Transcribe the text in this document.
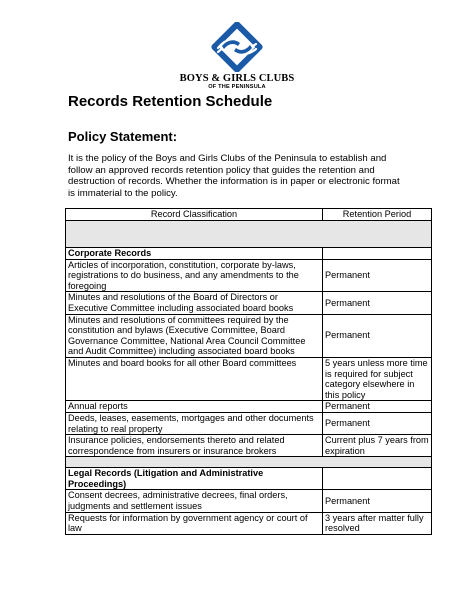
BOYS & GIRLS CLUBS
OF THE PENINSULA
Records Retention Schedule
Policy Statement:
It is the policy of the Boys and Girls Clubs of the Peninsula to establish and follow an approved records retention policy that guides the retention and destruction of records. Whether the information is in paper or electronic format is immaterial to the policy.
Record Classification	Retention Period

Corporate Records	
Articles of incorporation, constitution, corporate by-laws, registrations to do business, and any amendments to the foregoing	Permanent
Minutes and resolutions of the Board of Directors or Executive Committee including associated board books	Permanent
Minutes and resolutions of committees required by the constitution and bylaws (Executive Committee, Board Governance Committee, National Area Council Committee and Audit Committee) including associated board books	Permanent
Minutes and board books for all other Board committees	5 years unless more time is required for subject category elsewhere in this policy
Annual reports	Permanent
Deeds, leases, easements, mortgages and other documents relating to real property	Permanent
Insurance policies, endorsements thereto and related correspondence from insurers or insurance brokers	Current plus 7 years from expiration

Legal Records (Litigation and Administrative Proceedings)	
Consent decrees, administrative decrees, final orders, judgments and settlement issues	Permanent
Requests for information by government agency or court of law	3 years after matter fully resolved
